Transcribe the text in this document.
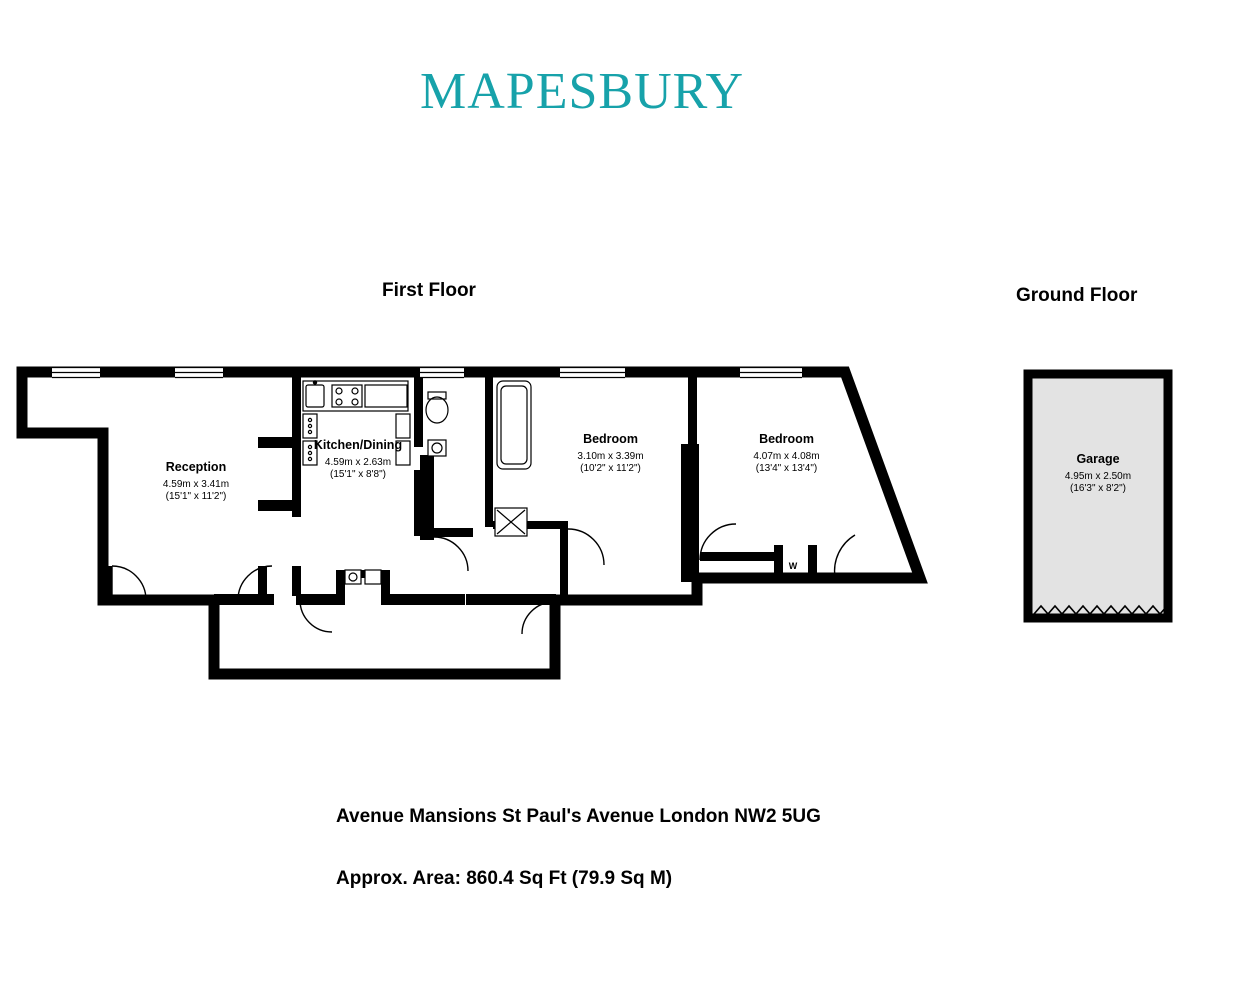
MAPESBURY
First Floor	Ground Floor
Reception
4.59m x 3.41m
(15'1" x 11'2")
Kitchen/Dining
4.59m x 2.63m
(15'1" x 8'8")
Bedroom
3.10m x 3.39m
(10'2" x 11'2")
Bedroom
4.07m x 4.08m
(13'4" x 13'4")
Garage
4.95m x 2.50m
(16'3" x 8'2")
W
Avenue Mansions St Paul's Avenue London NW2 5UG
Approx. Area: 860.4 Sq Ft (79.9 Sq M)
